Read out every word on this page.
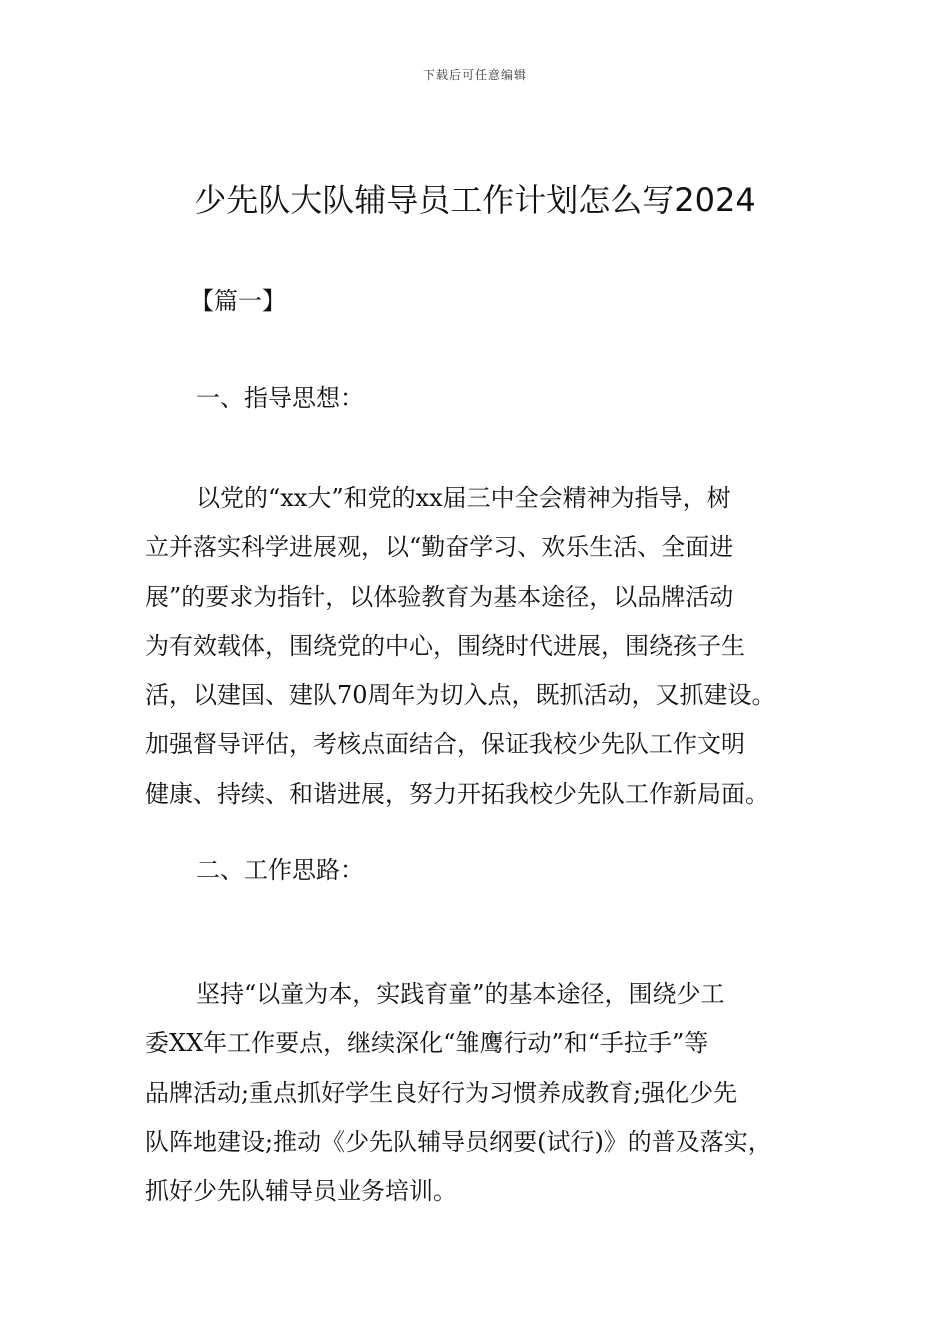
下载后可任意编辑
少先队大队辅导员工作计划怎么写2024

【篇一】

一、指导思想：

以党的“xx大”和党的xx届三中全会精神为指导，树
立并落实科学进展观，以“勤奋学习、欢乐生活、全面进
展”的要求为指针，以体验教育为基本途径，以品牌活动
为有效载体，围绕党的中心，围绕时代进展，围绕孩子生
活，以建国、建队70周年为切入点，既抓活动，又抓建设。
加强督导评估，考核点面结合，保证我校少先队工作文明
健康、持续、和谐进展，努力开拓我校少先队工作新局面。

二、工作思路：

坚持“以童为本，实践育童”的基本途径，围绕少工
委XX年工作要点，继续深化“雏鹰行动”和“手拉手”等
品牌活动;重点抓好学生良好行为习惯养成教育;强化少先
队阵地建设;推动《少先队辅导员纲要(试行)》的普及落实，
抓好少先队辅导员业务培训。
